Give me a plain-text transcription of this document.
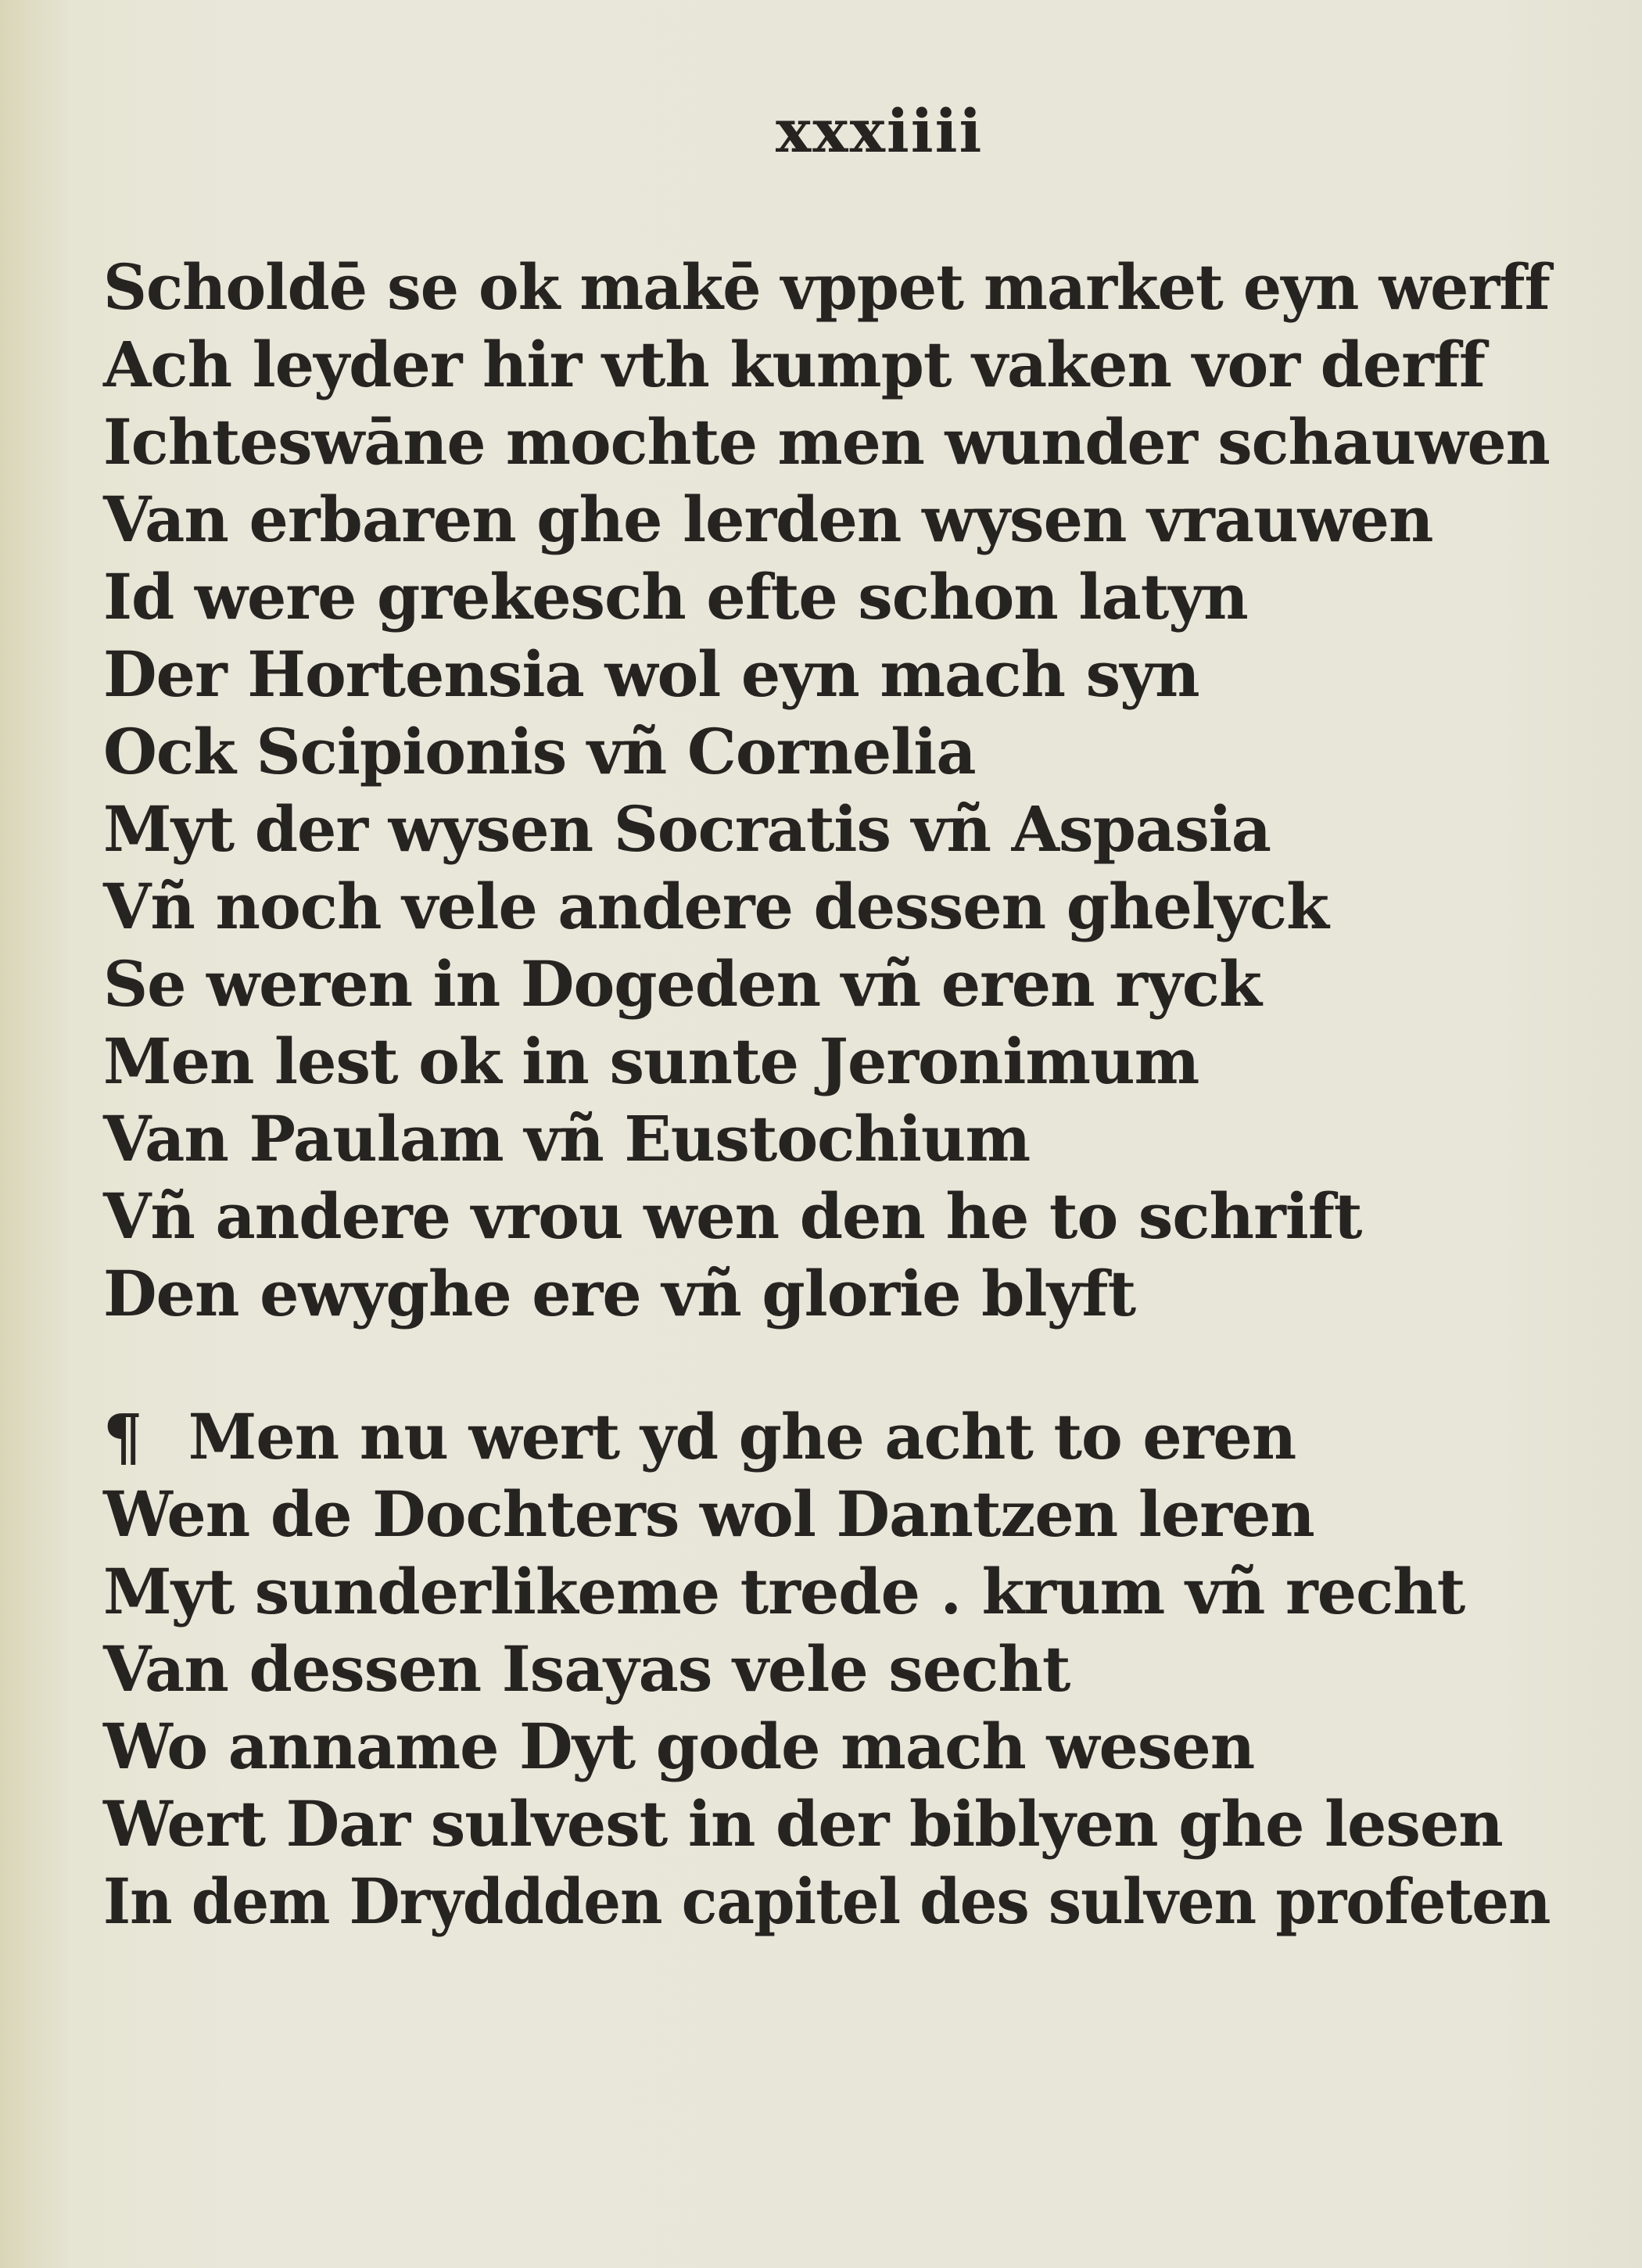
xxxiiii
Scholdē se ok makē vppet market eyn werff
Ach leyder hir vth kumpt vaken vor derff
Ichteswāne mochte men wunder schauwen
Van erbaren ghe lerden wysen vrauwen
Id were grekesch efte schon latyn
Der Hortensia wol eyn mach syn
Ock Scipionis vñ Cornelia
Myt der wysen Socratis vñ Aspasia
Vñ noch vele andere dessen ghelyck
Se weren in Dogeden vñ eren ryck
Men lest ok in sunte Jeronimum
Van Paulam vñ Eustochium
Vñ andere vrou wen den he to schrift
Den ewyghe ere vñ glorie blyft
¶ Men nu wert yd ghe acht to eren
Wen de Dochters wol Dantzen leren
Myt sunderlikeme trede . krum vñ recht
Van dessen Isayas vele secht
Wo anname Dyt gode mach wesen
Wert Dar sulvest in der biblyen ghe lesen
In dem Dryddden capitel des sulven profeten
